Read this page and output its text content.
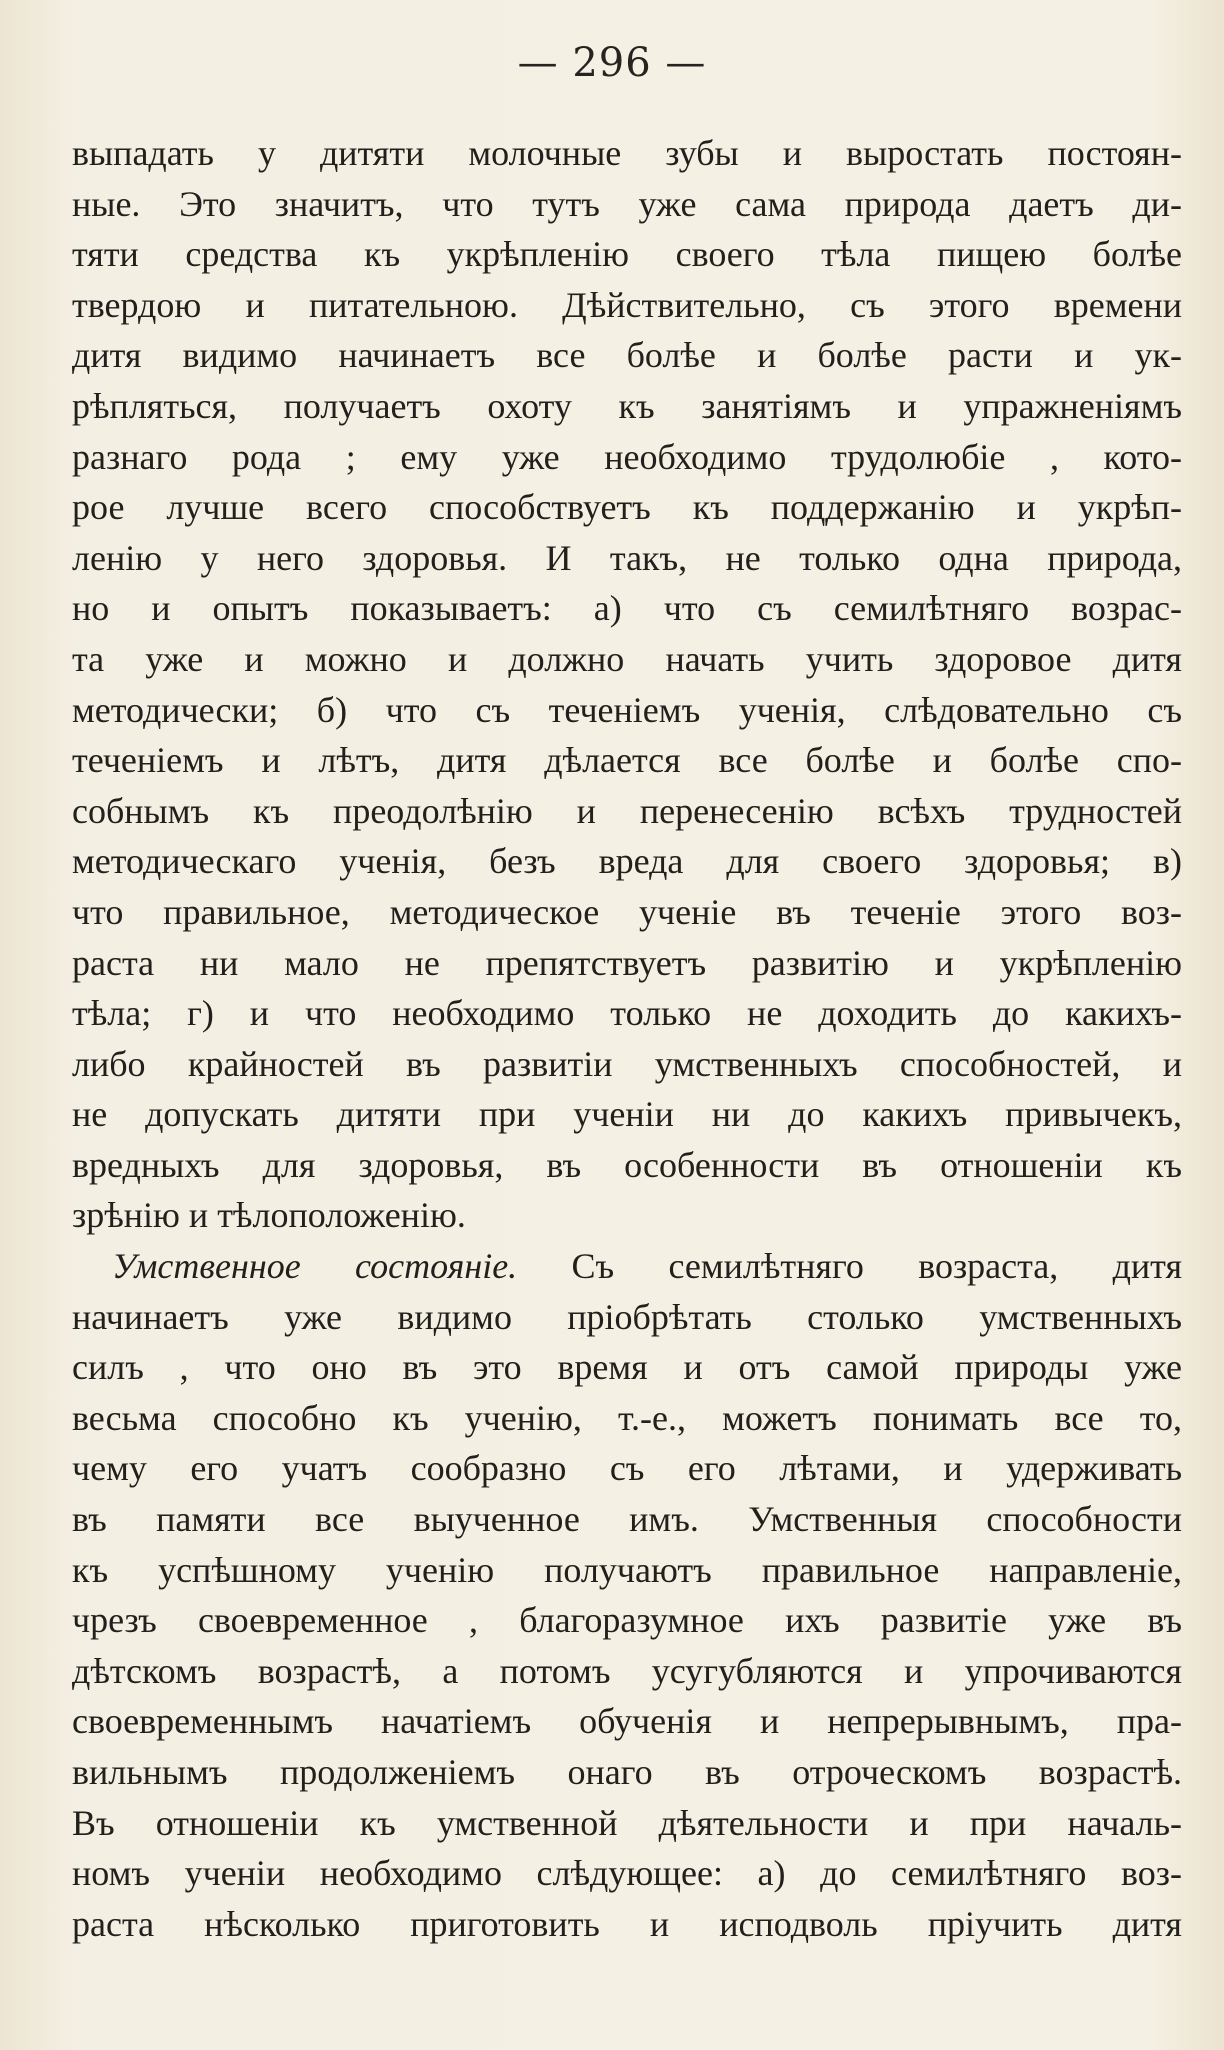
— 296 —
выпадать у дитяти молочные зубы и выростать постоян-
ные. Это значитъ, что тутъ уже сама природа даетъ ди-
тяти средства къ укрѣпленію своего тѣла пищею болѣе
твердою и питательною. Дѣйствительно, съ этого времени
дитя видимо начинаетъ все болѣе и болѣе расти и ук-
рѣпляться, получаетъ охоту къ занятіямъ и упражненіямъ
разнаго рода ; ему уже необходимо трудолюбіе , кото-
рое лучше всего способствуетъ къ поддержанію и укрѣп-
ленію у него здоровья. И такъ, не только одна природа,
но и опытъ показываетъ: а) что съ семилѣтняго возрас-
та уже и можно и должно начать учить здоровое дитя
методически; б) что съ теченіемъ ученія, слѣдовательно съ
теченіемъ и лѣтъ, дитя дѣлается все болѣе и болѣе спо-
собнымъ къ преодолѣнію и перенесенію всѣхъ трудностей
методическаго ученія, безъ вреда для своего здоровья; в)
что правильное, методическое ученіе въ теченіе этого воз-
раста ни мало не препятствуетъ развитію и укрѣпленію
тѣла; г) и что необходимо только не доходить до какихъ-
либо крайностей въ развитіи умственныхъ способностей, и
не допускать дитяти при ученіи ни до какихъ привычекъ,
вредныхъ для здоровья, въ особенности въ отношеніи къ
зрѣнію и тѣлоположенію.
Умственное состояніе. Съ семилѣтняго возраста, дитя
начинаетъ уже видимо пріобрѣтать столько умственныхъ
силъ , что оно въ это время и отъ самой природы уже
весьма способно къ ученію, т.-е., можетъ понимать все то,
чему его учатъ сообразно съ его лѣтами, и удерживать
въ памяти все выученное имъ. Умственныя способности
къ успѣшному ученію получаютъ правильное направленіе,
чрезъ своевременное , благоразумное ихъ развитіе уже въ
дѣтскомъ возрастѣ, а потомъ усугубляются и упрочиваются
своевременнымъ начатіемъ обученія и непрерывнымъ, пра-
вильнымъ продолженіемъ онаго въ отроческомъ возрастѣ.
Въ отношеніи къ умственной дѣятельности и при началь-
номъ ученіи необходимо слѣдующее: а) до семилѣтняго воз-
раста нѣсколько приготовить и исподволь пріучить дитя
